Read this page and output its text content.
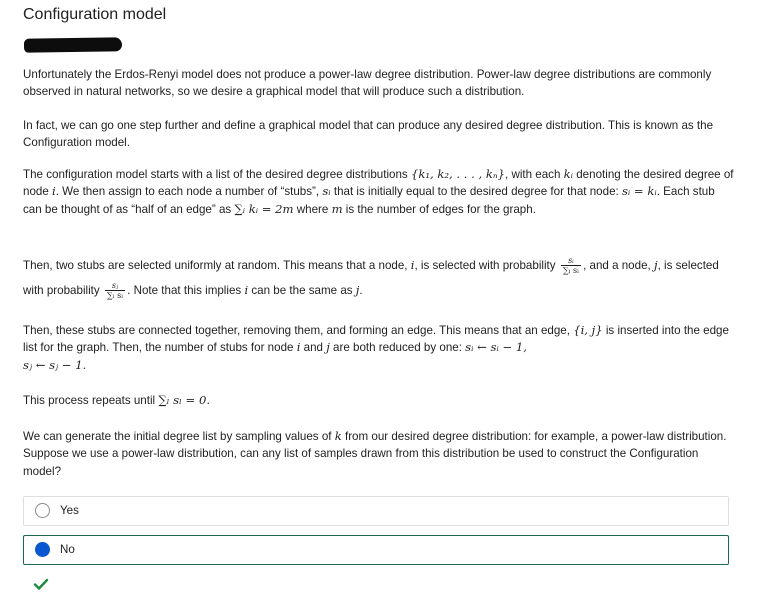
Configuration model

Unfortunately the Erdos-Renyi model does not produce a power-law degree distribution. Power-law degree distributions are commonly observed in natural networks, so we desire a graphical model that will produce such a distribution.

In fact, we can go one step further and define a graphical model that can produce any desired degree distribution. This is known as the Configuration model.

The configuration model starts with a list of the desired degree distributions {k₁, k₂, . . . , kₙ}, with each kᵢ denoting the desired degree of node i. We then assign to each node a number of “stubs”, sᵢ that is initially equal to the desired degree for that node: sᵢ = kᵢ. Each stub can be thought of as “half of an edge” as ∑ᵢ kᵢ = 2m where m is the number of edges for the graph.

Then, two stubs are selected uniformly at random. This means that a node, i, is selected with probability $\frac{\text{sᵢ}}{\text{∑ₗ sₗ}}$ , and a node, j, is selected with probability $\frac{\text{sⱼ}}{\text{∑ₗ sₗ}}$ . Note that this implies i can be the same as j.

Then, these stubs are connected together, removing them, and forming an edge. This means that an edge, {i, j} is inserted into the edge list for the graph. Then, the number of stubs for node i and j are both reduced by one: sᵢ ← sᵢ − 1,
sⱼ ← sⱼ − 1.

This process repeats until ∑ₗ sₗ = 0.

We can generate the initial degree list by sampling values of k from our desired degree distribution: for example, a power-law distribution. Suppose we use a power-law distribution, can any list of samples drawn from this distribution be used to construct the Configuration model?

Yes
No
